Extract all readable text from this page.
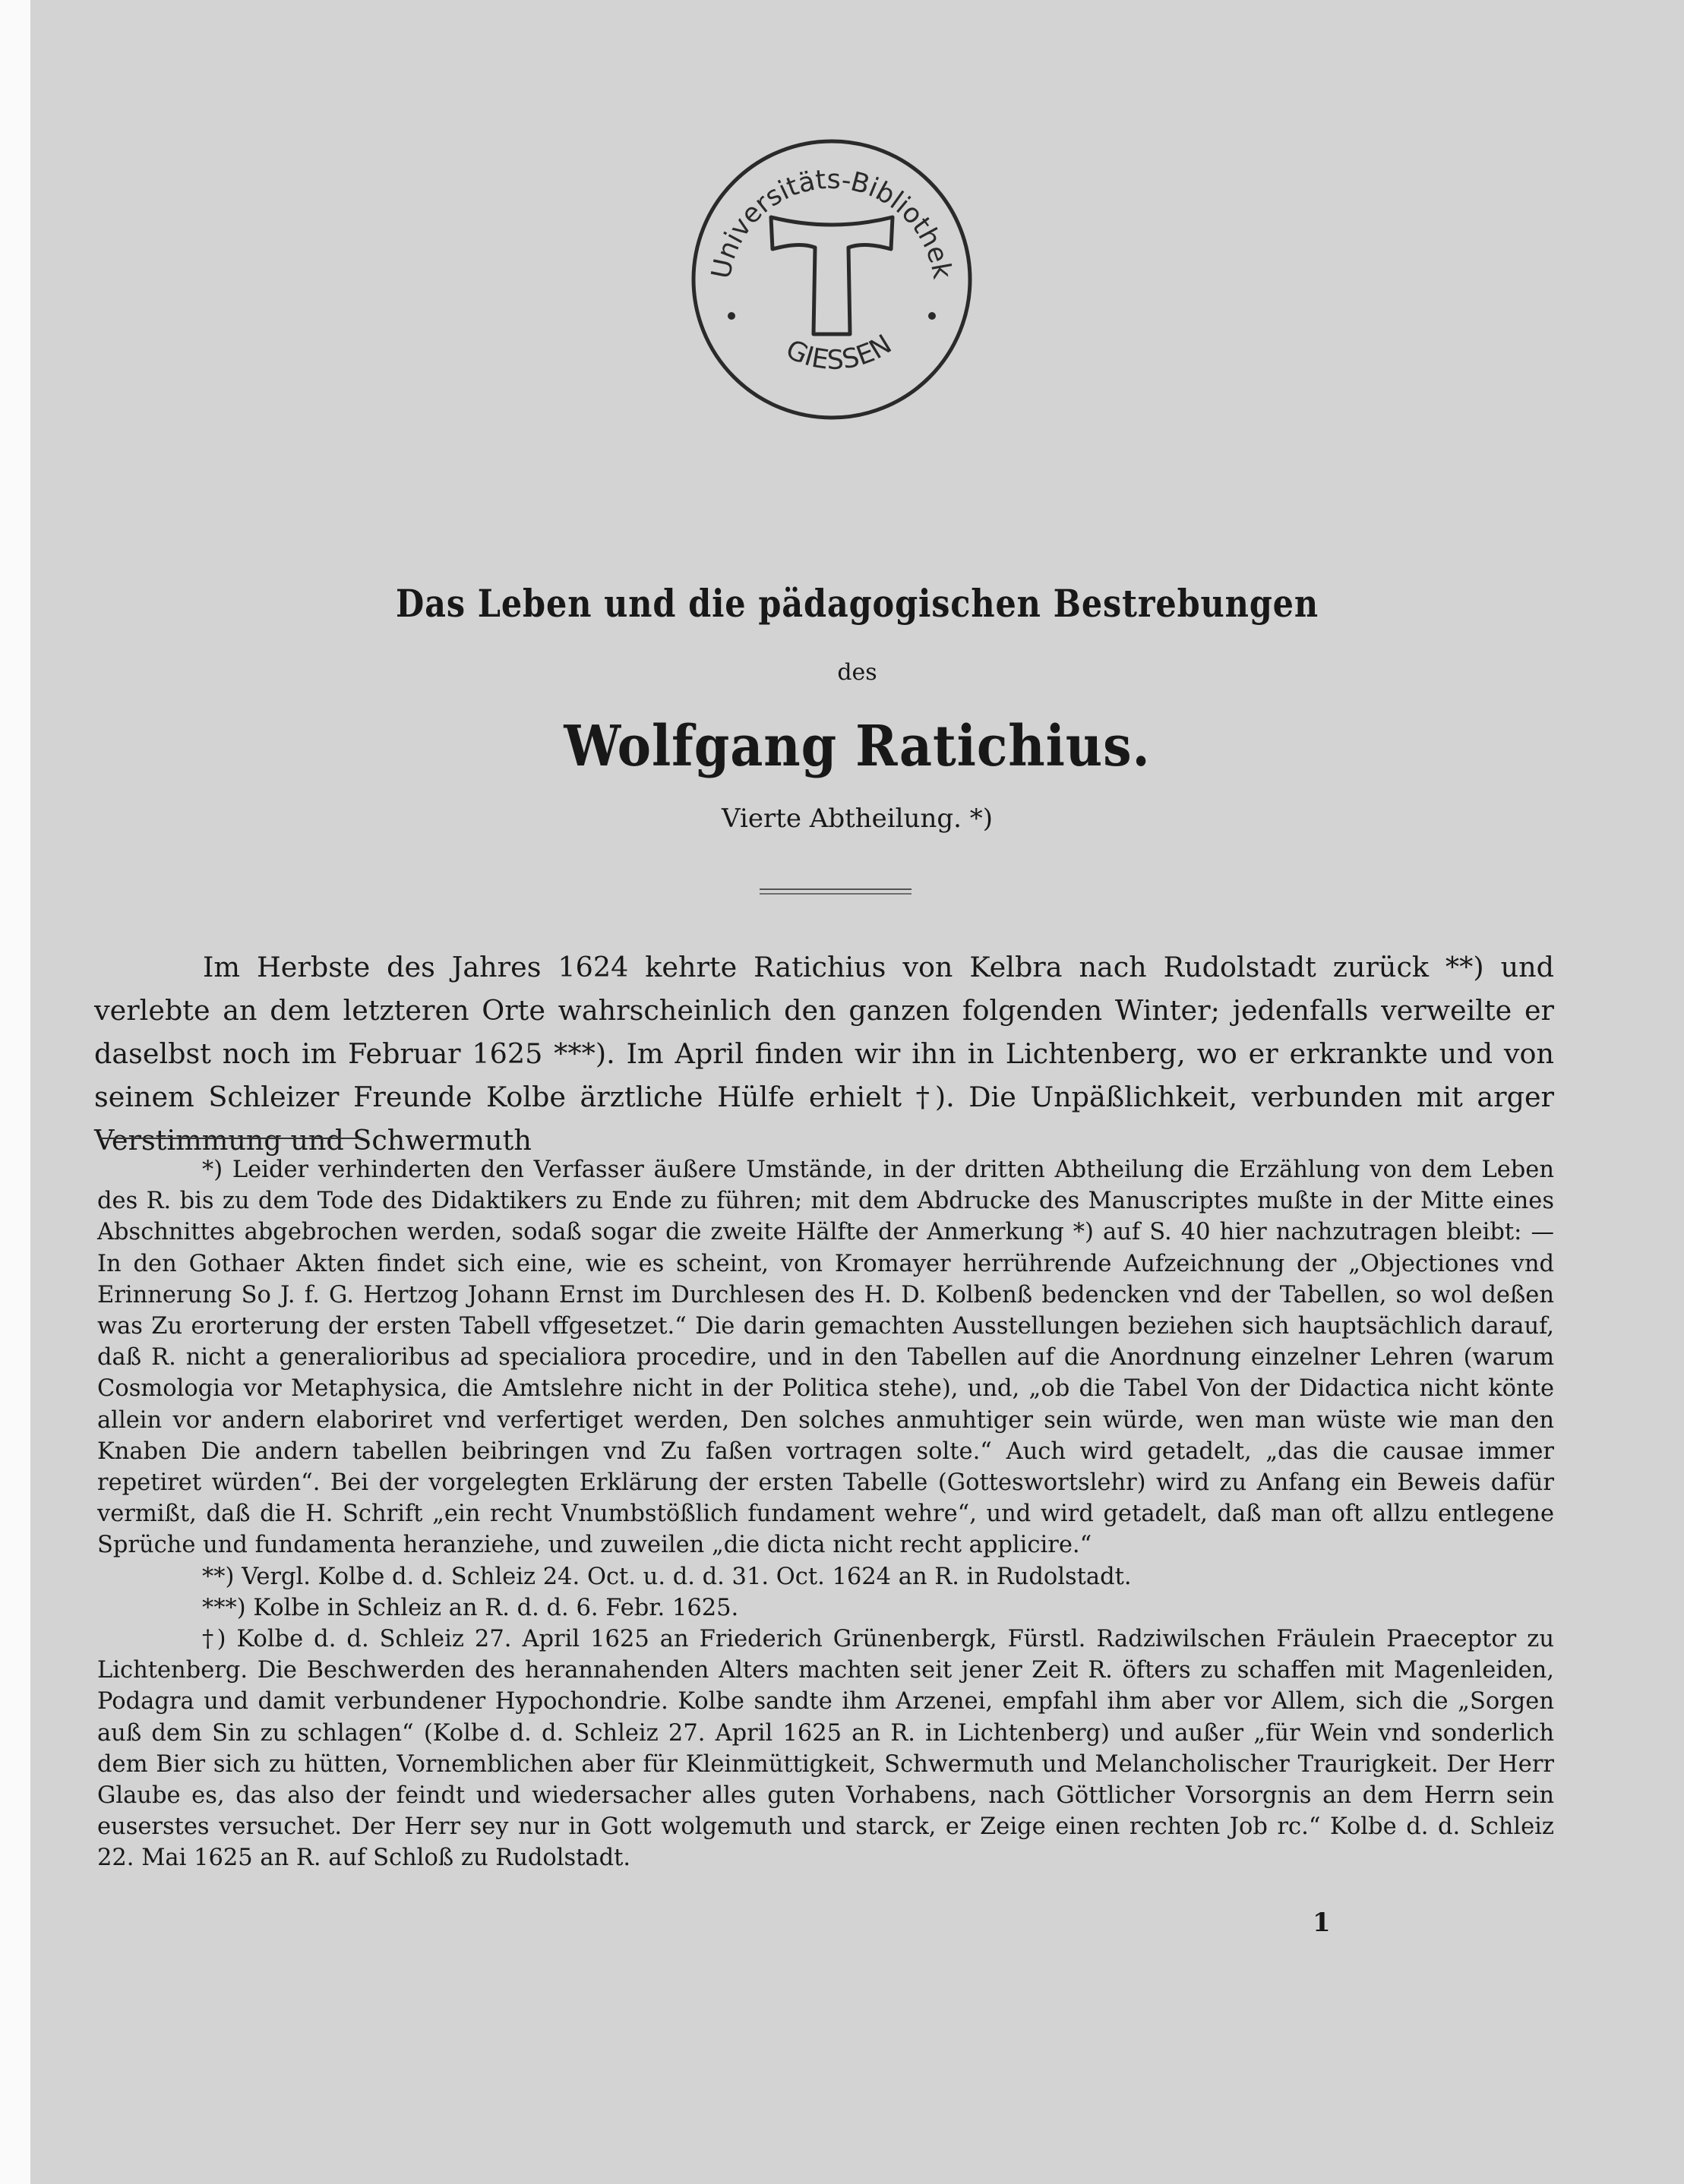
Universitäts-Bibliothek
GIESSEN
Das Leben und die pädagogischen Bestrebungen
des
Wolfgang Ratichius.
Vierte Abtheilung. *)
Im Herbste des Jahres 1624 kehrte Ratichius von Kelbra nach Rudolstadt zurück **) und verlebte an dem letzteren Orte wahrscheinlich den ganzen folgenden Winter; jedenfalls verweilte er daselbst noch im Februar 1625 ***). Im April finden wir ihn in Lichtenberg, wo er erkrankte und von seinem Schleizer Freunde Kolbe ärztliche Hülfe erhielt †). Die Unpäßlichkeit, verbunden mit arger Verstimmung und Schwermuth

*) Leider verhinderten den Verfasser äußere Umstände, in der dritten Abtheilung die Erzählung von dem Leben des R. bis zu dem Tode des Didaktikers zu Ende zu führen; mit dem Abdrucke des Manuscriptes mußte in der Mitte eines Abschnittes abgebrochen werden, sodaß sogar die zweite Hälfte der Anmerkung *) auf S. 40 hier nachzutragen bleibt: — In den Gothaer Akten findet sich eine, wie es scheint, von Kromayer herrührende Aufzeichnung der „Objectiones vnd Erinnerung So J. f. G. Hertzog Johann Ernst im Durchlesen des H. D. Kolbenß bedencken vnd der Tabellen, so wol deßen was Zu erorterung der ersten Tabell vffgesetzet.“ Die darin gemachten Ausstellungen beziehen sich hauptsächlich darauf, daß R. nicht a generalioribus ad specialiora procedire, und in den Tabellen auf die Anordnung einzelner Lehren (warum Cosmologia vor Metaphysica, die Amtslehre nicht in der Politica stehe), und, „ob die Tabel Von der Didactica nicht könte allein vor andern elaboriret vnd verfertiget werden, Den solches anmuhtiger sein würde, wen man wüste wie man den Knaben Die andern tabellen beibringen vnd Zu faßen vortragen solte.“ Auch wird getadelt, „das die causae immer repetiret würden“. Bei der vorgelegten Erklärung der ersten Tabelle (Gotteswortslehr) wird zu Anfang ein Beweis dafür vermißt, daß die H. Schrift „ein recht Vnumbstößlich fundament wehre“, und wird getadelt, daß man oft allzu entlegene Sprüche und fundamenta heranziehe, und zuweilen „die dicta nicht recht applicire.“

**) Vergl. Kolbe d. d. Schleiz 24. Oct. u. d. d. 31. Oct. 1624 an R. in Rudolstadt.

***) Kolbe in Schleiz an R. d. d. 6. Febr. 1625.

†) Kolbe d. d. Schleiz 27. April 1625 an Friederich Grünenbergk, Fürstl. Radziwilschen Fräulein Praeceptor zu Lichtenberg. Die Beschwerden des herannahenden Alters machten seit jener Zeit R. öfters zu schaffen mit Magenleiden, Podagra und damit verbundener Hypochondrie. Kolbe sandte ihm Arzenei, empfahl ihm aber vor Allem, sich die „Sorgen auß dem Sin zu schlagen“ (Kolbe d. d. Schleiz 27. April 1625 an R. in Lichtenberg) und außer „für Wein vnd sonderlich dem Bier sich zu hütten, Vornemblichen aber für Kleinmüttigkeit, Schwermuth und Melancholischer Traurigkeit. Der Herr Glaube es, das also der feindt und wiedersacher alles guten Vorhabens, nach Göttlicher Vorsorgnis an dem Herrn sein euserstes versuchet. Der Herr sey nur in Gott wolgemuth und starck, er Zeige einen rechten Job rc.“ Kolbe d. d. Schleiz 22. Mai 1625 an R. auf Schloß zu Rudolstadt.

1
